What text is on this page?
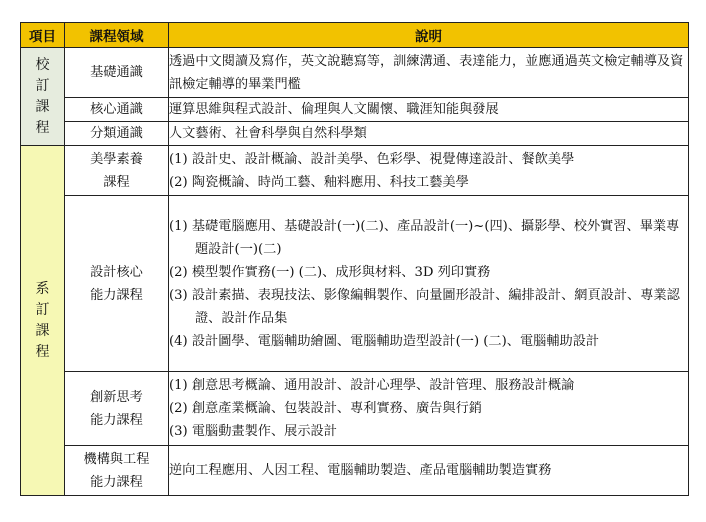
項目	課程領域	說明

校訂課程	基礎通識	透過中文閱讀及寫作，英文說聽寫等，訓練溝通、表達能力，並應通過英文檢定輔導及資訊檢定輔導的畢業門檻
	核心通識	運算思維與程式設計、倫理與人文關懷、職涯知能與發展
	分類通識	人文藝術、社會科學與自然科學類

系訂課程	美學素養課程	(1) 設計史、設計概論、設計美學、色彩學、視覺傳達設計、餐飲美學
(2) 陶瓷概論、時尚工藝、釉料應用、科技工藝美學

	設計核心能力課程	(1) 基礎電腦應用、基礎設計(一)(二)、產品設計(一)~(四)、攝影學、校外實習、畢業專題設計(一)(二)
(2) 模型製作實務(一) (二)、成形與材料、3D 列印實務
(3) 設計素描、表現技法、影像編輯製作、向量圖形設計、編排設計、網頁設計、專業認證、設計作品集
(4) 設計圖學、電腦輔助繪圖、電腦輔助造型設計(一) (二)、電腦輔助設計

	創新思考能力課程	(1) 創意思考概論、通用設計、設計心理學、設計管理、服務設計概論
(2) 創意產業概論、包裝設計、專利實務、廣告與行銷
(3) 電腦動畫製作、展示設計

	機構與工程能力課程	逆向工程應用、人因工程、電腦輔助製造、產品電腦輔助製造實務
